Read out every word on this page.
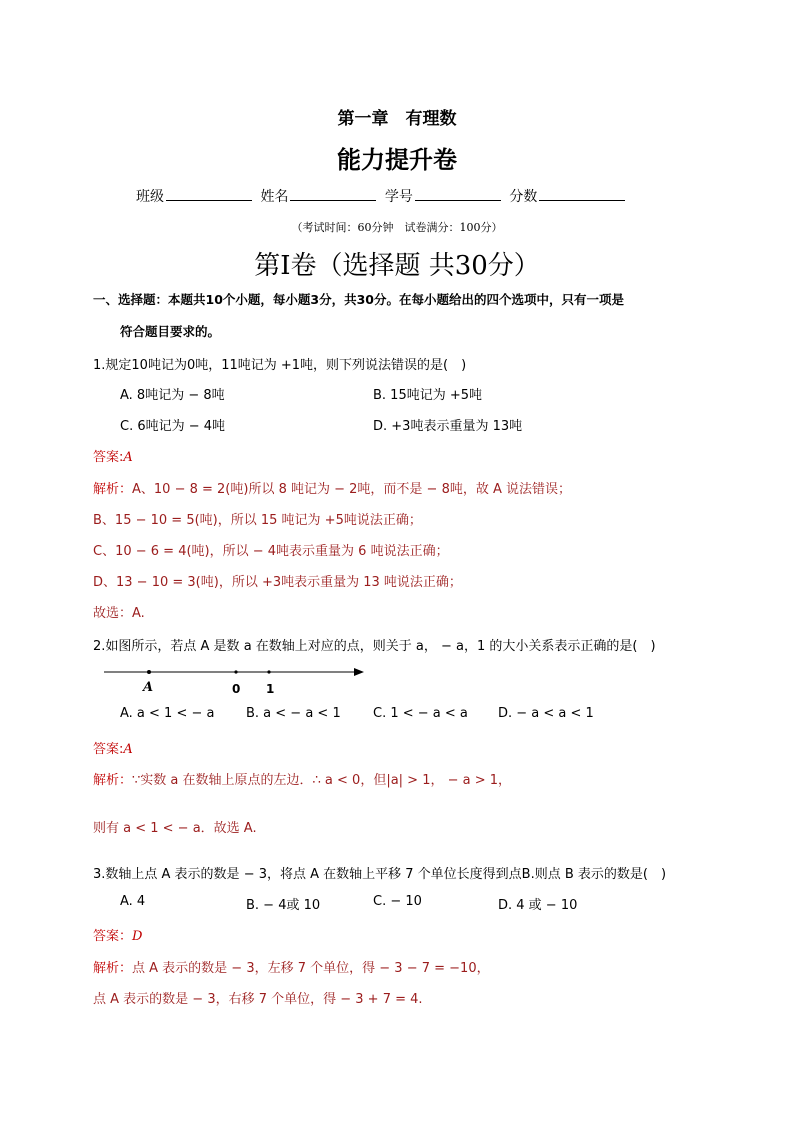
第一章　有理数
能力提升卷
班级	姓名	学号	分数
（考试时间：60分钟　试卷满分：100分）
第Ⅰ卷（选择题 共30分）
一、选择题：本题共10个小题，每小题3分，共30分。在每小题给出的四个选项中，只有一项是
符合题目要求的。
1.规定10吨记为0吨，11吨记为 +1吨，则下列说法错误的是(　)
A. 8吨记为 − 8吨	B. 15吨记为 +5吨
C. 6吨记为 − 4吨	D. +3吨表示重量为 13吨
答案:A
解析：A、10 − 8 = 2(吨)所以 8 吨记为 − 2吨，而不是 − 8吨，故 A 说法错误；
B、15 − 10 = 5(吨)，所以 15 吨记为 +5吨说法正确；
C、10 − 6 = 4(吨)，所以 − 4吨表示重量为 6 吨说法正确；
D、13 − 10 = 3(吨)，所以 +3吨表示重量为 13 吨说法正确；
故选：A.
2.如图所示，若点 A 是数 a 在数轴上对应的点，则关于 a， − a，1 的大小关系表示正确的是(　)
A	0 1
A. a < 1 < − a B. a < − a < 1 C. 1 < − a < a D. − a < a < 1
答案:A
解析：∵实数 a 在数轴上原点的左边．∴ a < 0，但|a| > 1， − a > 1，
则有 a < 1 < − a．故选 A.
3.数轴上点 A 表示的数是 − 3，将点 A 在数轴上平移 7 个单位长度得到点B.则点 B 表示的数是(　)
A. 4	B. − 4或 10	C. − 10	D. 4 或 − 10
答案：D
解析：点 A 表示的数是 − 3，左移 7 个单位，得 − 3 − 7 = −10，
点 A 表示的数是 − 3，右移 7 个单位，得 − 3 + 7 = 4.
